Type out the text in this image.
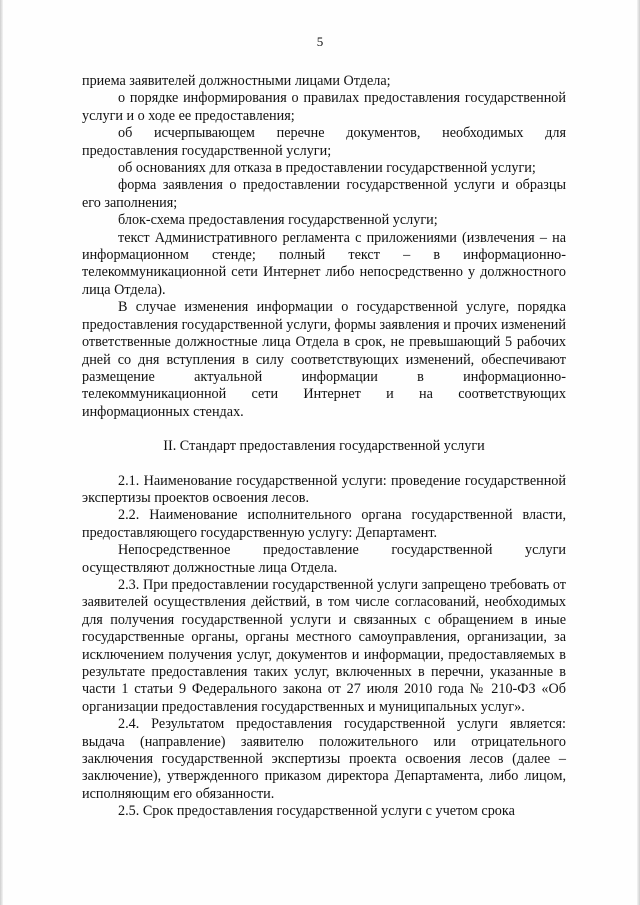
5

приема заявителей должностными лицами Отдела;

о порядке информирования о правилах предоставления государственной услуги и о ходе ее предоставления;

об исчерпывающем перечне документов, необходимых для предоставления государственной услуги;

об основаниях для отказа в предоставлении государственной услуги;

форма заявления о предоставлении государственной услуги и образцы его заполнения;

блок-схема предоставления государственной услуги;

текст Административного регламента с приложениями (извлечения – на информационном стенде; полный текст – в информационно-телекоммуникационной сети Интернет либо непосредственно у должностного лица Отдела).

В случае изменения информации о государственной услуге, порядка предоставления государственной услуги, формы заявления и прочих изменений ответственные должностные лица Отдела в срок, не превышающий 5 рабочих дней со дня вступления в силу соответствующих изменений, обеспечивают размещение актуальной информации в информационно-телекоммуникационной сети Интернет и на соответствующих информационных стендах.

II. Стандарт предоставления государственной услуги

2.1. Наименование государственной услуги: проведение государственной экспертизы проектов освоения лесов.

2.2. Наименование исполнительного органа государственной власти, предоставляющего государственную услугу: Департамент.

Непосредственное предоставление государственной услуги осуществляют должностные лица Отдела.

2.3. При предоставлении государственной услуги запрещено требовать от заявителей осуществления действий, в том числе согласований, необходимых для получения государственной услуги и связанных с обращением в иные государственные органы, органы местного самоуправления, организации, за исключением получения услуг, документов и информации, предоставляемых в результате предоставления таких услуг, включенных в перечни, указанные в части 1 статьи 9 Федерального закона от 27 июля 2010 года № 210-ФЗ «Об организации предоставления государственных и муниципальных услуг».

2.4. Результатом предоставления государственной услуги является: выдача (направление) заявителю положительного или отрицательного заключения государственной экспертизы проекта освоения лесов (далее – заключение), утвержденного приказом директора Департамента, либо лицом, исполняющим его обязанности.

2.5. Срок предоставления государственной услуги с учетом срока
